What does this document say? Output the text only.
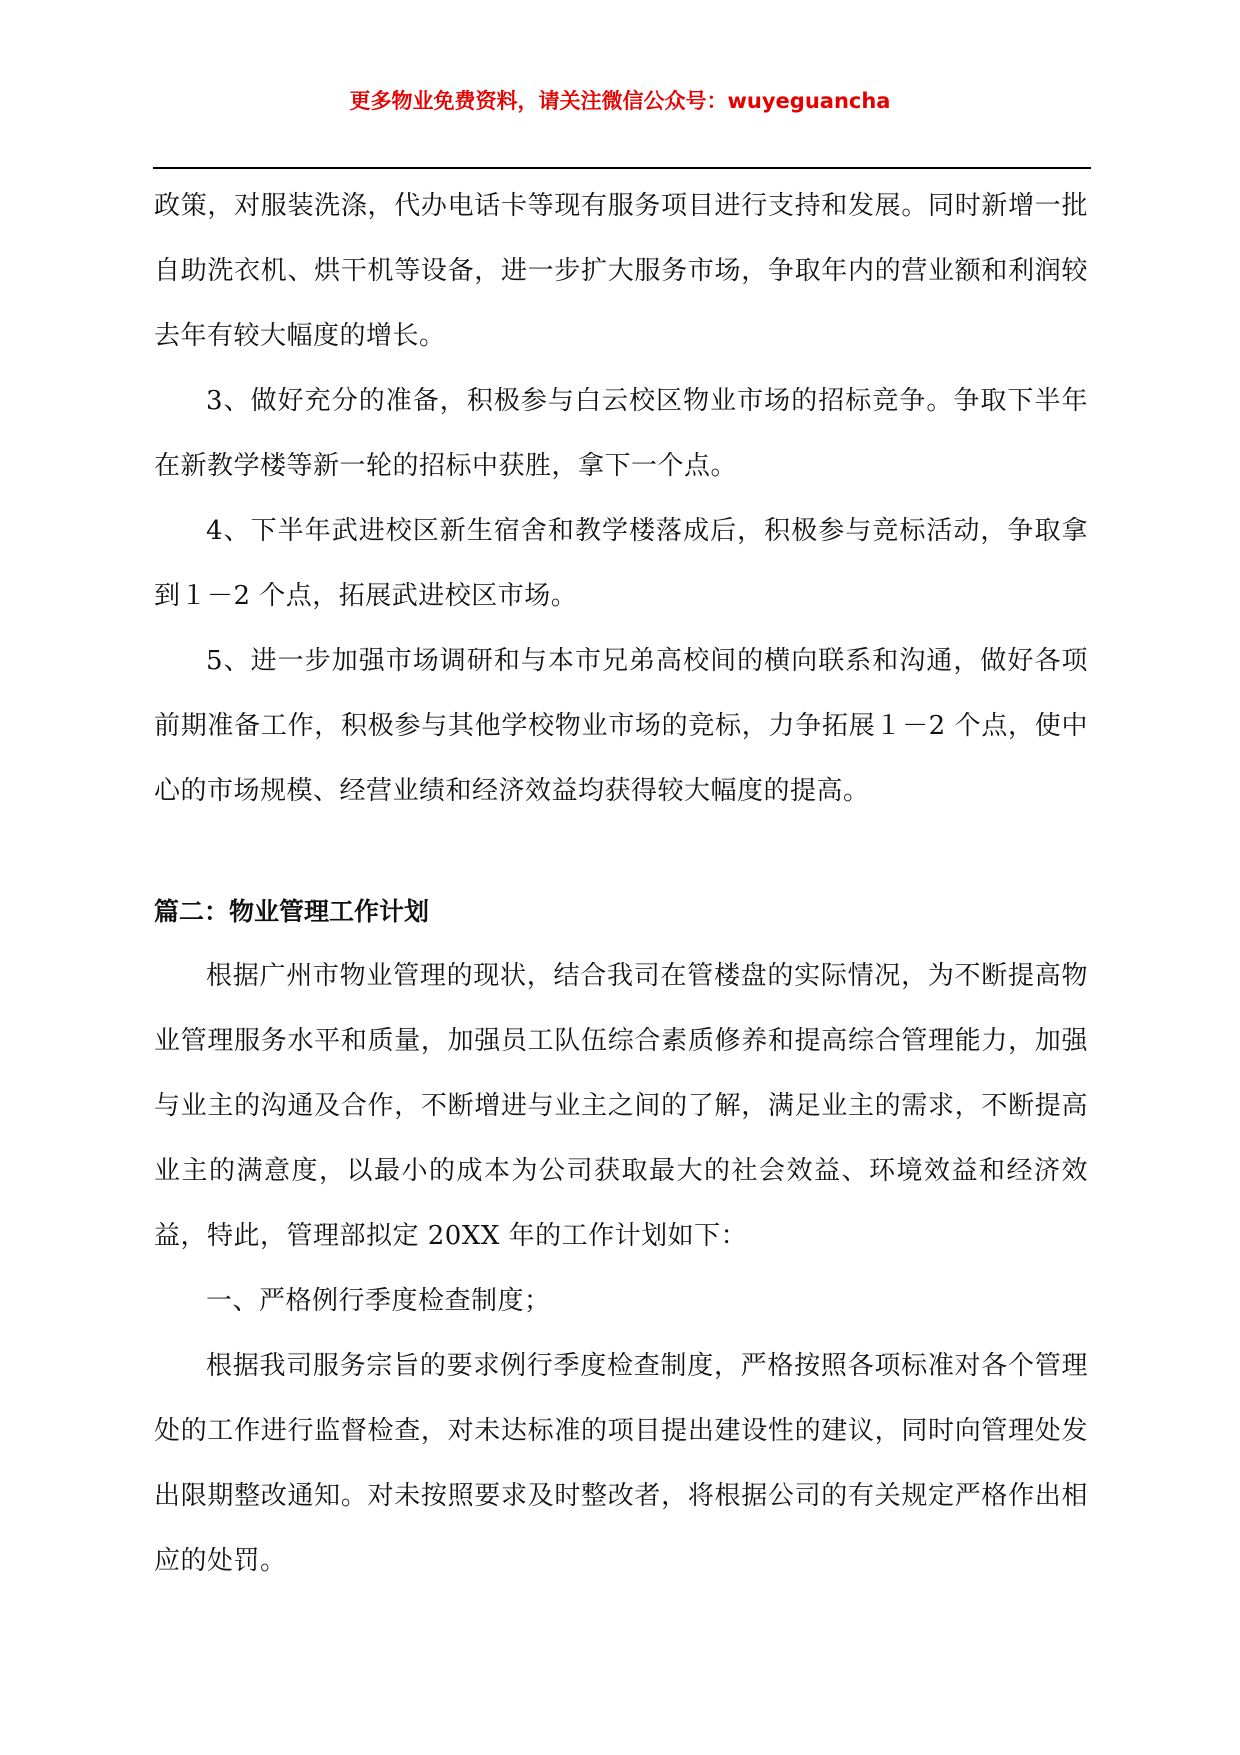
更多物业免费资料，请关注微信公众号：wuyeguancha

政策，对服装洗涤，代办电话卡等现有服务项目进行支持和发展。同时新增一批自助洗衣机、烘干机等设备，进一步扩大服务市场，争取年内的营业额和利润较去年有较大幅度的增长。

3、做好充分的准备，积极参与白云校区物业市场的招标竞争。争取下半年在新教学楼等新一轮的招标中获胜，拿下一个点。

4、下半年武进校区新生宿舍和教学楼落成后，积极参与竞标活动，争取拿到１－2 个点，拓展武进校区市场。

5、进一步加强市场调研和与本市兄弟高校间的横向联系和沟通，做好各项前期准备工作，积极参与其他学校物业市场的竞标，力争拓展１－2 个点，使中心的市场规模、经营业绩和经济效益均获得较大幅度的提高。

篇二：物业管理工作计划

根据广州市物业管理的现状，结合我司在管楼盘的实际情况，为不断提高物业管理服务水平和质量，加强员工队伍综合素质修养和提高综合管理能力，加强与业主的沟通及合作，不断增进与业主之间的了解，满足业主的需求，不断提高业主的满意度，以最小的成本为公司获取最大的社会效益、环境效益和经济效益，特此，管理部拟定 20XX 年的工作计划如下：

一、严格例行季度检查制度；

根据我司服务宗旨的要求例行季度检查制度，严格按照各项标准对各个管理处的工作进行监督检查，对未达标准的项目提出建设性的建议，同时向管理处发出限期整改通知。对未按照要求及时整改者，将根据公司的有关规定严格作出相应的处罚。
